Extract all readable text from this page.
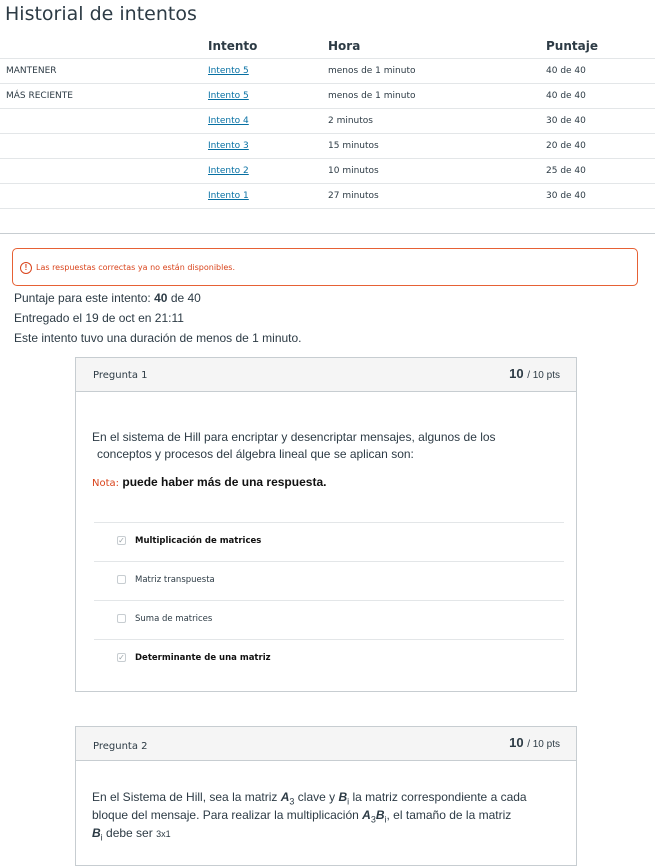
Historial de intentos
	Intento	Hora	Puntaje
MANTENER	Intento 5	menos de 1 minuto	40 de 40
MÁS RECIENTE	Intento 5	menos de 1 minuto	40 de 40
	Intento 4	2 minutos	30 de 40
	Intento 3	15 minutos	20 de 40
	Intento 2	10 minutos	25 de 40
	Intento 1	27 minutos	30 de 40
!	Las respuestas correctas ya no están disponibles.
Puntaje para este intento: 40 de 40
Entregado el 19 de oct en 21:11
Este intento tuvo una duración de menos de 1 minuto.
Pregunta 1	10 / 10 pts
En el sistema de Hill para encriptar y desencriptar mensajes, algunos de los
conceptos y procesos del álgebra lineal que se aplican son:
Nota: puede haber más de una respuesta.
✓ Multiplicación de matrices
Matriz transpuesta
Suma de matrices
✓ Determinante de una matriz
Pregunta 2	10 / 10 pts
En el Sistema de Hill, sea la matriz $A_3$ clave y $B_i$ la matriz correspondiente a cada
bloque del mensaje. Para realizar la multiplicación $A_3B_i$, el tamaño de la matriz
$B_i$ debe ser 3x1
